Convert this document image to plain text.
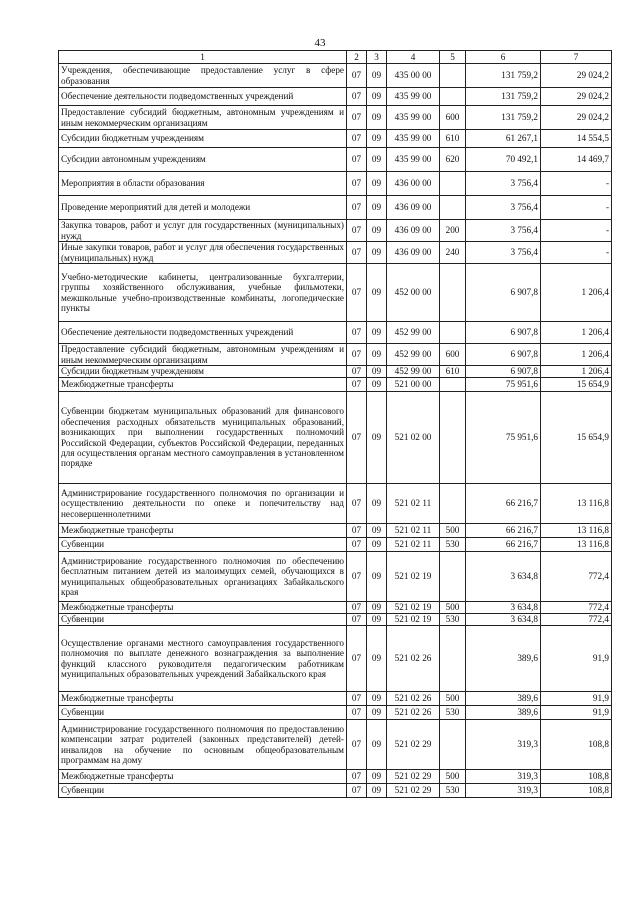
43
1	2	3	4	5	6	7
Учреждения, обеспечивающие предоставление услуг в сфере образования	07	09	435 00 00		131 759,2	29 024,2
Обеспечение деятельности подведомственных учреждений	07	09	435 99 00		131 759,2	29 024,2
Предоставление субсидий бюджетным, автономным учреждениям и иным некоммерческим организациям	07	09	435 99 00	600	131 759,2	29 024,2
Субсидии бюджетным учреждениям	07	09	435 99 00	610	61 267,1	14 554,5
Субсидии автономным учреждениям	07	09	435 99 00	620	70 492,1	14 469,7
Мероприятия в области образования	07	09	436 00 00		3 756,4	-
Проведение мероприятий для детей и молодежи	07	09	436 09 00		3 756,4	-
Закупка товаров, работ и услуг для государственных (муниципальных) нужд	07	09	436 09 00	200	3 756,4	-
Иные закупки товаров, работ и услуг для обеспечения государственных (муниципальных) нужд	07	09	436 09 00	240	3 756,4	-
Учебно-методические кабинеты, централизованные бухгалтерии, группы хозяйственного обслуживания, учебные фильмотеки, межшкольные учебно-производственные комбинаты, логопедические пункты	07	09	452 00 00		6 907,8	1 206,4
Обеспечение деятельности подведомственных учреждений	07	09	452 99 00		6 907,8	1 206,4
Предоставление субсидий бюджетным, автономным учреждениям и иным некоммерческим организациям	07	09	452 99 00	600	6 907,8	1 206,4
Субсидии бюджетным учреждениям	07	09	452 99 00	610	6 907,8	1 206,4
Межбюджетные трансферты	07	09	521 00 00		75 951,6	15 654,9
Субвенции бюджетам муниципальных образований для финансового обеспечения расходных обязательств муниципальных образований, возникающих при выполнении государственных полномочий Российской Федерации, субъектов Российской Федерации, переданных для осуществления органам местного самоуправления в установленном порядке	07	09	521 02 00		75 951,6	15 654,9
Администрирование государственного полномочия по организации и осуществлению деятельности по опеке и попечительству над несовершеннолетними	07	09	521 02 11		66 216,7	13 116,8
Межбюджетные трансферты	07	09	521 02 11	500	66 216,7	13 116,8
Субвенции	07	09	521 02 11	530	66 216,7	13 116,8
Администрирование государственного полномочия по обеспечению бесплатным питанием детей из малоимущих семей, обучающихся в муниципальных общеобразовательных организациях Забайкальского края	07	09	521 02 19		3 634,8	772,4
Межбюджетные трансферты	07	09	521 02 19	500	3 634,8	772,4
Субвенции	07	09	521 02 19	530	3 634,8	772,4
Осуществление органами местного самоуправления государственного полномочия по выплате денежного вознаграждения за выполнение функций классного руководителя педагогическим работникам муниципальных образовательных учреждений Забайкальского края	07	09	521 02 26		389,6	91,9
Межбюджетные трансферты	07	09	521 02 26	500	389,6	91,9
Субвенции	07	09	521 02 26	530	389,6	91,9
Администрирование государственного полномочия по предоставлению компенсации затрат родителей (законных представителей) детей-инвалидов на обучение по основным общеобразовательным программам на дому	07	09	521 02 29		319,3	108,8
Межбюджетные трансферты	07	09	521 02 29	500	319,3	108,8
Субвенции	07	09	521 02 29	530	319,3	108,8
